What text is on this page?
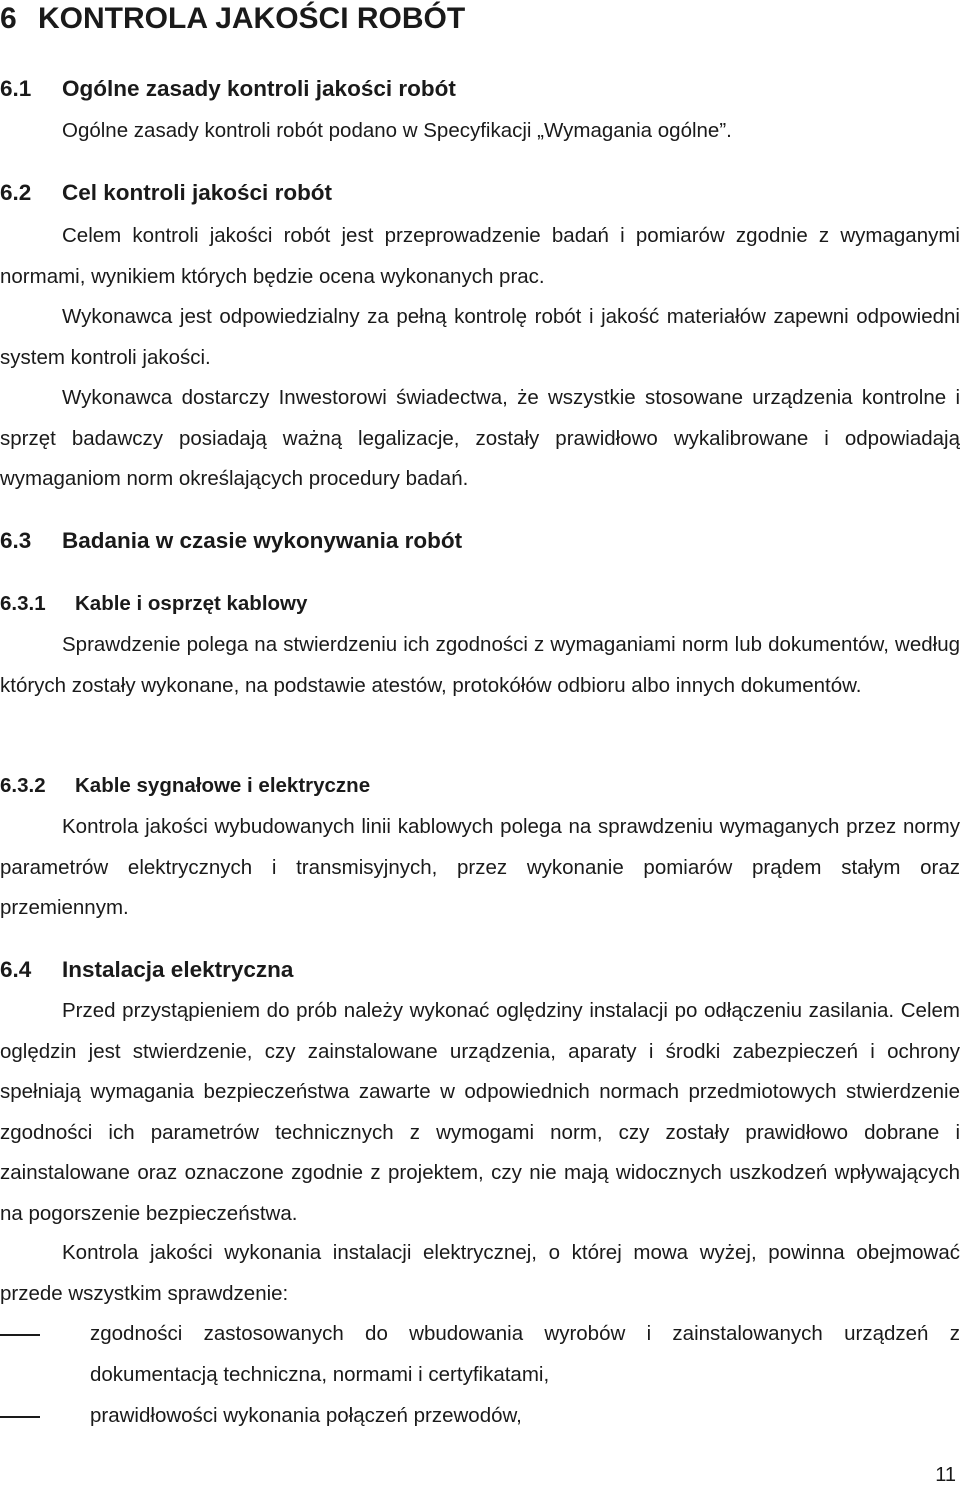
6 KONTROLA JAKOŚCI ROBÓT
6.1 Ogólne zasady kontroli jakości robót

Ogólne zasady kontroli robót podano w Specyfikacji „Wymagania ogólne”.

6.2 Cel kontroli jakości robót

Celem kontroli jakości robót jest przeprowadzenie badań i pomiarów zgodnie z wymaganymi normami, wynikiem których będzie ocena wykonanych prac.

Wykonawca jest odpowiedzialny za pełną kontrolę robót i jakość materiałów zapewni odpowiedni system kontroli jakości.

Wykonawca dostarczy Inwestorowi świadectwa, że wszystkie stosowane urządzenia kontrolne i sprzęt badawczy posiadają ważną legalizacje, zostały prawidłowo wykalibrowane i odpowiadają wymaganiom norm określających procedury badań.

6.3 Badania w czasie wykonywania robót
6.3.1 Kable i osprzęt kablowy

Sprawdzenie polega na stwierdzeniu ich zgodności z wymaganiami norm lub dokumentów, według których zostały wykonane, na podstawie atestów, protokółów odbioru albo innych dokumentów.

6.3.2 Kable sygnałowe i elektryczne

Kontrola jakości wybudowanych linii kablowych polega na sprawdzeniu wymaganych przez normy parametrów elektrycznych i transmisyjnych, przez wykonanie pomiarów prądem stałym oraz przemiennym.

6.4 Instalacja elektryczna

Przed przystąpieniem do prób należy wykonać oględziny instalacji po odłączeniu zasilania. Celem oględzin jest stwierdzenie, czy zainstalowane urządzenia, aparaty i środki zabezpieczeń i ochrony spełniają wymagania bezpieczeństwa zawarte w odpowiednich normach przedmiotowych stwierdzenie zgodności ich parametrów technicznych z wymogami norm, czy zostały prawidłowo dobrane i zainstalowane oraz oznaczone zgodnie z projektem, czy nie mają widocznych uszkodzeń wpływających na pogorszenie bezpieczeństwa.

Kontrola jakości wykonania instalacji elektrycznej, o której mowa wyżej, powinna obejmować przede wszystkim sprawdzenie:

zgodności zastosowanych do wbudowania wyrobów i zainstalowanych urządzeń z dokumentacją techniczna, normami i certyfikatami,
prawidłowości wykonania połączeń przewodów,
11
